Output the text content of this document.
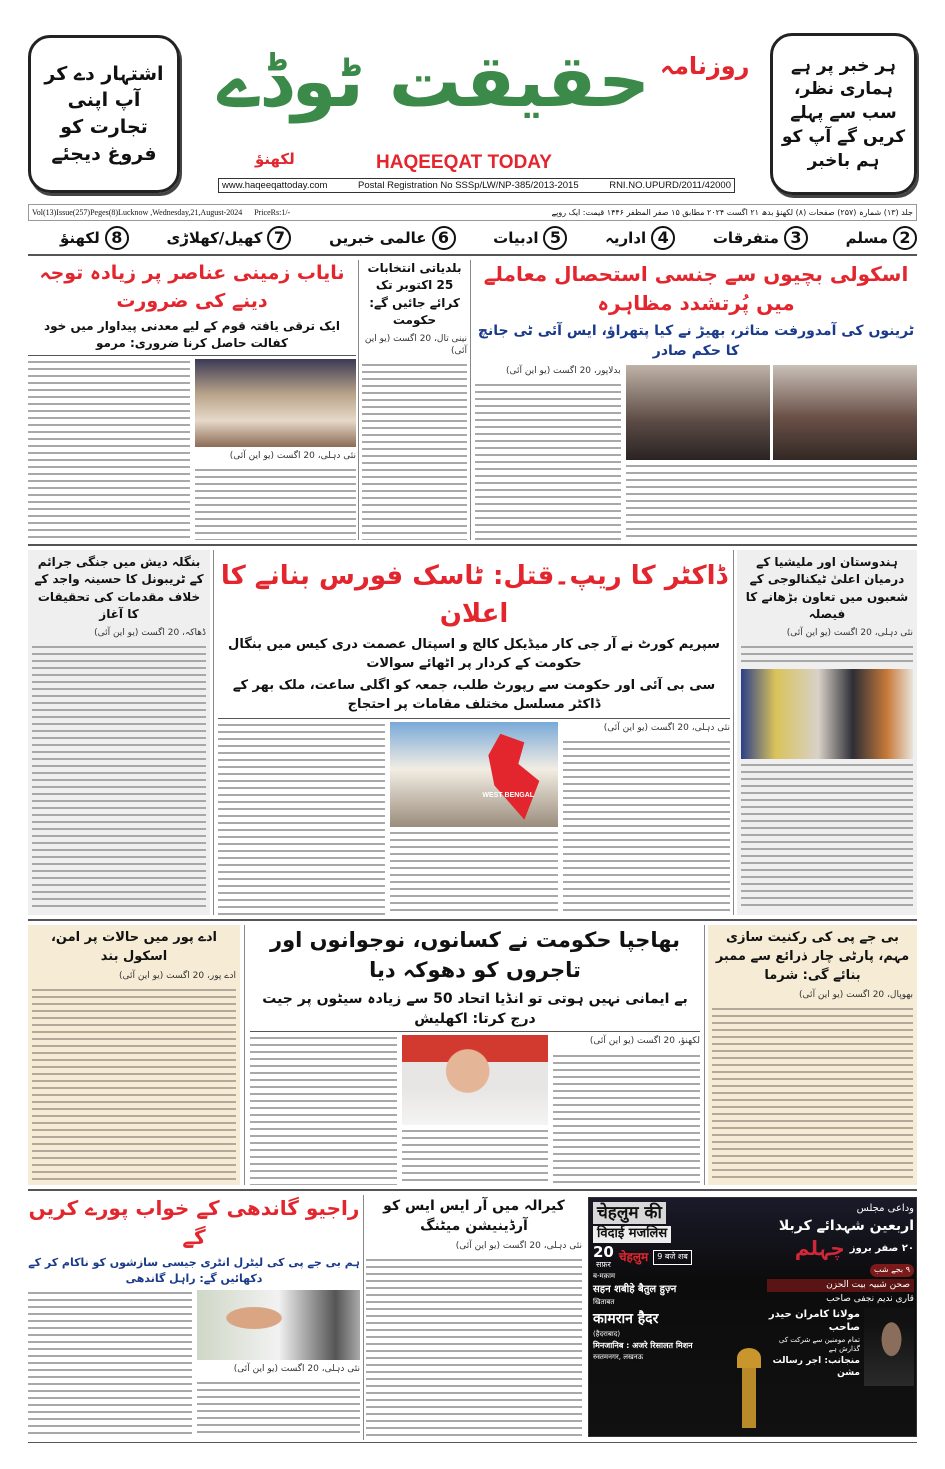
اشتہار دے کر آپ اپنی تجارت کو فروغ دیجئے
ہر خبر پر ہے ہماری نظر، سب سے پہلے کریں گے آپ کو ہم باخبر
حقیقت ٹوڈے روزنامہ
لکھنؤ	HAQEEQAT TODAY
www.haqeeqattoday.com	Postal Registration No SSSp/LW/NP-385/2013-2015	RNI.NO.UPURD/2011/42000
Vol(13)Issue(257)Peges(8)Lucknow ,Wednesday,21,August-2024 PriceRs:1/-	جلد (۱۳) شمارہ (۲۵۷) صفحات (۸) لکھنؤ بدھ ۲۱ اگست ۲۰۲۴ مطابق ۱۵ صفر المظفر ۱۴۴۶ قیمت: ایک روپے
2مسلم
3متفرقات
4اداریہ
5ادبیات
6عالمی خبریں
7کھیل/کھلاڑی
8لکھنؤ
اسکولی بچیوں سے جنسی استحصال معاملے میں پُرتشدد مظاہرہ
ٹرینوں کی آمدورفت متاثر، بھیڑ نے کیا پتھراؤ، ایس آئی ٹی جانچ کا حکم صادر
بدلاپور، 20 اگست (یو این آئی)
بلدیاتی انتخابات 25 اکتوبر تک کرائے جائیں گے: حکومت
نینی تال، 20 اگست (یو این آئی)
نایاب زمینی عناصر پر زیادہ توجہ دینے کی ضرورت
ایک ترقی یافتہ قوم کے لیے معدنی پیداوار میں خود کفالت حاصل کرنا ضروری: مرمو
نئی دہلی، 20 اگست (یو این آئی)
بنگلہ دیش میں جنگی جرائم کے ٹریبونل کا حسینہ واجد کے خلاف مقدمات کی تحقیقات کا آغاز
ڈھاکہ، 20 اگست (یو این آئی)
ڈاکٹر کا ریپ۔قتل: ٹاسک فورس بنانے کا اعلان
سپریم کورٹ نے آر جی کار میڈیکل کالج و اسپتال عصمت دری کیس میں بنگال حکومت کے کردار پر اٹھائے سوالات
سی بی آئی اور حکومت سے رپورٹ طلب، جمعہ کو اگلی ساعت، ملک بھر کے ڈاکٹر مسلسل مختلف مقامات پر احتجاج
نئی دہلی، 20 اگست (یو این آئی)
WEST BENGAL
ہندوستان اور ملیشیا کے درمیان اعلیٰ ٹیکنالوجی کے شعبوں میں تعاون بڑھانے کا فیصلہ
نئی دہلی، 20 اگست (یو این آئی)
ادے پور میں حالات پر امن، اسکول بند
ادے پور، 20 اگست (یو این آئی)
بھاجپا حکومت نے کسانوں، نوجوانوں اور تاجروں کو دھوکہ دیا
بے ایمانی نہیں ہوتی تو انڈیا اتحاد 50 سے زیادہ سیٹوں پر جیت درج کرتا: اکھلیش
لکھنؤ، 20 اگست (یو این آئی)
بی جے پی کی رکنیت سازی مہم، پارٹی چار ذرائع سے ممبر بنائے گی: شرما
بھوپال، 20 اگست (یو این آئی)
راجیو گاندھی کے خواب پورے کریں گے
ہم بی جے پی کی لیٹرل انٹری جیسی سازشوں کو ناکام کر کے دکھائیں گے: راہل گاندھی
نئی دہلی، 20 اگست (یو این آئی)
کیرالہ میں آر ایس ایس کو آرڈینیشن میٹنگ
نئی دہلی، 20 اگست (یو این آئی)
चेहलुम की
विदाई मजलिस
20
सफ़र
चेहलुम	9 बजे शब
ब-मक़ाम
सहन शबीहे बैतुल हुज़्न
खिताबत
कामरान हैदर
(हैदराबाद)
मिनजानिब : अजरे रिसालत मिशन
रुस्तमनगर, लखनऊ
وداعی مجلس
اربعین شہدائے کربلا
۲۰ صفر بروز
چہلم
۹ بجے شب
صحن شبیہ بیت الحزن
قاری ندیم نجفی صاحب
مولانا کامران حیدر صاحب
تمام مومنین سے شرکت کی گذارش ہے
منجانب: اجر رسالت مشن
